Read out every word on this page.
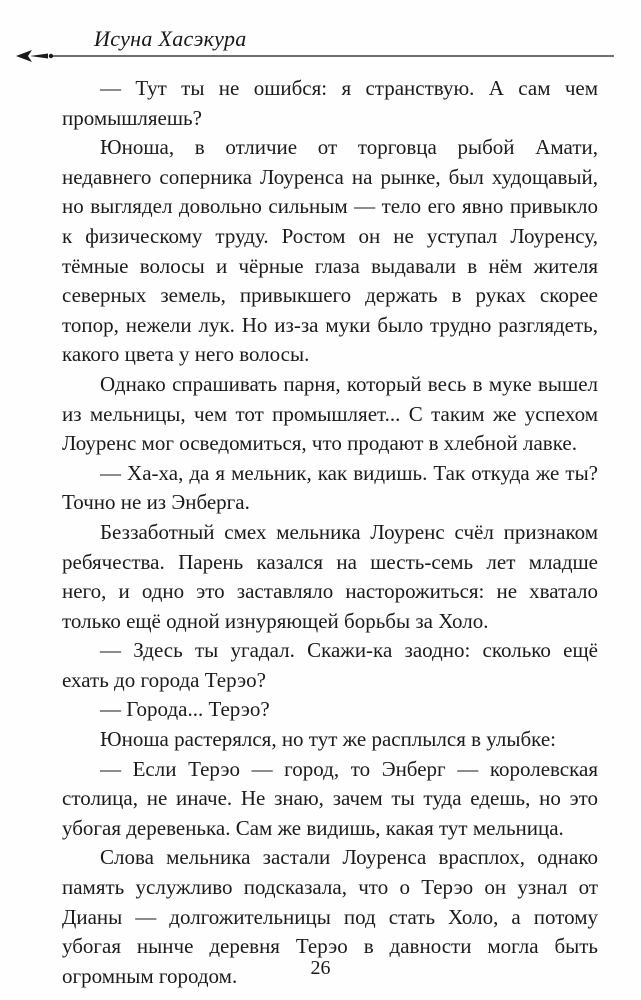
Исуна Хасэкура

— Тут ты не ошибся: я странствую. А сам чем промышляешь?

Юноша, в отличие от торговца рыбой Амати, недавнего соперника Лоуренса на рынке, был худощавый, но выглядел довольно сильным — тело его явно привыкло к физическому труду. Ростом он не уступал Лоуренсу, тёмные волосы и чёрные глаза выдавали в нём жителя северных земель, привыкшего держать в руках скорее топор, нежели лук. Но из-за муки было трудно разглядеть, какого цвета у него волосы.

Однако спрашивать парня, который весь в муке вышел из мельницы, чем тот промышляет... С таким же успехом Лоуренс мог осведомиться, что продают в хлебной лавке.

— Ха-ха, да я мельник, как видишь. Так откуда же ты? Точно не из Энберга.

Беззаботный смех мельника Лоуренс счёл признаком ребячества. Парень казался на шесть-семь лет младше него, и одно это заставляло насторожиться: не хватало только ещё одной изнуряющей борьбы за Холо.

— Здесь ты угадал. Скажи-ка заодно: сколько ещё ехать до города Терэо?

— Города... Терэо?

Юноша растерялся, но тут же расплылся в улыбке:

— Если Терэо — город, то Энберг — королевская столица, не иначе. Не знаю, зачем ты туда едешь, но это убогая деревенька. Сам же видишь, какая тут мельница.

Слова мельника застали Лоуренса врасплох, однако память услужливо подсказала, что о Терэо он узнал от Дианы — долгожительницы под стать Холо, а потому убогая нынче деревня Терэо в давности могла быть огромным городом.	26
